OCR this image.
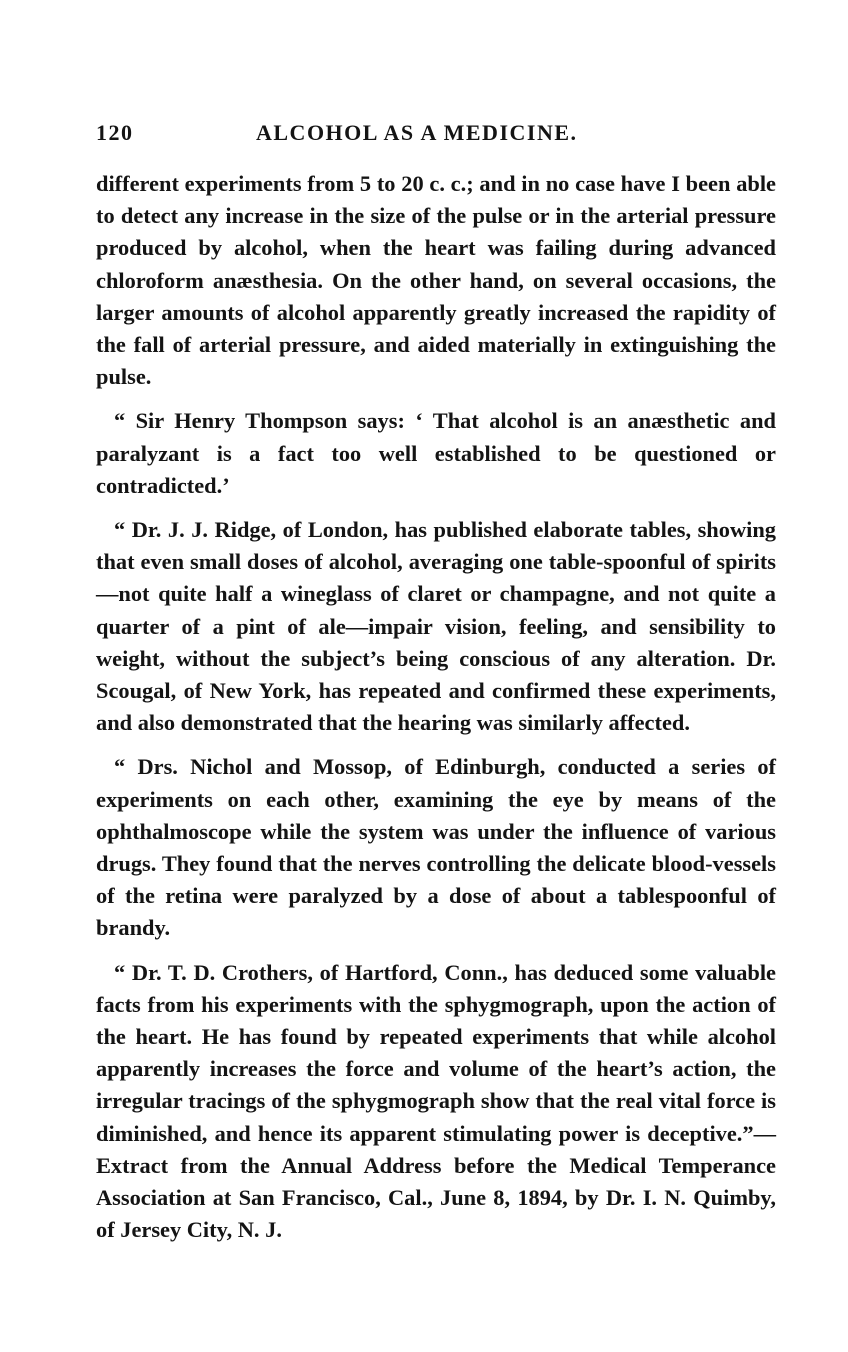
120	ALCOHOL AS A MEDICINE.

different experiments from 5 to 20 c. c.; and in no case have I been able to detect any increase in the size of the pulse or in the arterial pressure produced by alcohol, when the heart was failing during advanced chloroform anæsthesia. On the other hand, on several occasions, the larger amounts of alcohol apparently greatly increased the rapidity of the fall of arterial pressure, and aided materially in extinguishing the pulse.

“ Sir Henry Thompson says: ‘ That alcohol is an anæsthetic and paralyzant is a fact too well established to be questioned or contradicted.’

“ Dr. J. J. Ridge, of London, has published elaborate tables, showing that even small doses of alcohol, averaging one table-spoonful of spirits—not quite half a wineglass of claret or champagne, and not quite a quarter of a pint of ale—impair vision, feeling, and sensibility to weight, without the subject’s being conscious of any alteration. Dr. Scougal, of New York, has repeated and confirmed these experiments, and also demonstrated that the hearing was similarly affected.

“ Drs. Nichol and Mossop, of Edinburgh, conducted a series of experiments on each other, examining the eye by means of the ophthalmoscope while the system was under the influence of various drugs. They found that the nerves controlling the delicate blood-vessels of the retina were paralyzed by a dose of about a tablespoonful of brandy.

“ Dr. T. D. Crothers, of Hartford, Conn., has deduced some valuable facts from his experiments with the sphygmograph, upon the action of the heart. He has found by repeated experiments that while alcohol apparently increases the force and volume of the heart’s action, the irregular tracings of the sphygmograph show that the real vital force is diminished, and hence its apparent stimulating power is deceptive.”—Extract from the Annual Address before the Medical Temperance Association at San Francisco, Cal., June 8, 1894, by Dr. I. N. Quimby, of Jersey City, N. J.
